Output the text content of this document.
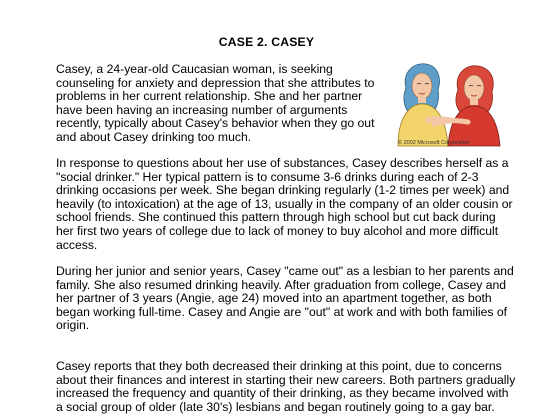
CASE 2. CASEY
Casey, a 24-year-old Caucasian woman, is seeking counseling for anxiety and depression that she attributes to problems in her current relationship. She and her partner have been having an increasing number of arguments recently, typically about Casey's behavior when they go out and about Casey drinking too much.	© 2002 Microsoft Corporation
In response to questions about her use of substances, Casey describes herself as a "social drinker." Her typical pattern is to consume 3-6 drinks during each of 2-3 drinking occasions per week. She began drinking regularly (1-2 times per week) and heavily (to intoxication) at the age of 13, usually in the company of an older cousin or school friends. She continued this pattern through high school but cut back during her first two years of college due to lack of money to buy alcohol and more difficult access.
During her junior and senior years, Casey "came out" as a lesbian to her parents and family. She also resumed drinking heavily. After graduation from college, Casey and her partner of 3 years (Angie, age 24) moved into an apartment together, as both began working full-time. Casey and Angie are "out" at work and with both families of origin.
Casey reports that they both decreased their drinking at this point, due to concerns about their finances and interest in starting their new careers. Both partners gradually increased the frequency and quantity of their drinking, as they became involved with a social group of older (late 30's) lesbians and began routinely going to a gay bar.
